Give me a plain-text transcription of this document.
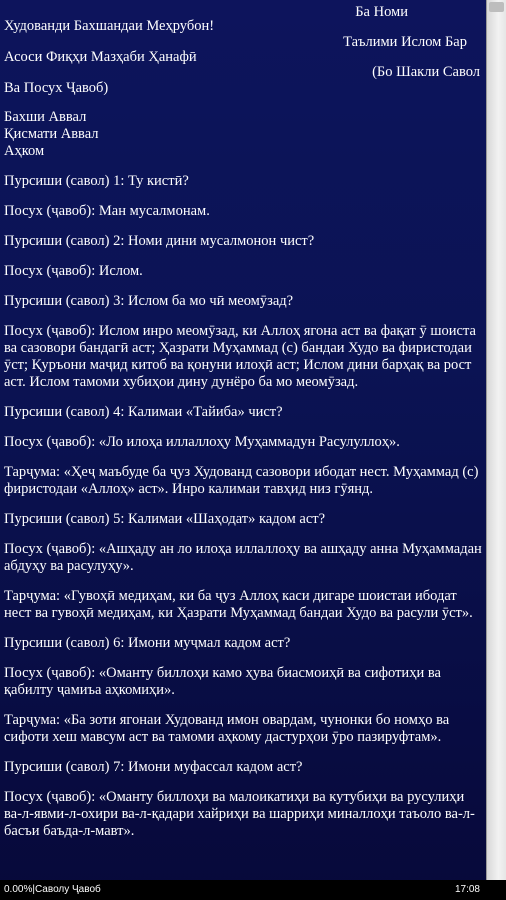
Худованди Бахшандаи Меҳрубон!
Асоси Фиқҳи Мазҳаби Ҳанафӣ
Ва Посух Ҷавоб)
Ба Номи
Таълими Ислом Бар
(Бо Шакли Савол
Бахши Аввал
Қисмати Аввал
Аҳком
Пурсиши (савол) 1: Ту кистӣ?
Посух (ҷавоб): Ман мусалмонам.
Пурсиши (савол) 2: Номи дини мусалмонон чист?
Посух (ҷавоб): Ислом.
Пурсиши (савол) 3: Ислом ба мо чӣ меомӯзад?
Посух (ҷавоб): Ислом инро меомӯзад, ки Аллоҳ ягона аст ва фақат ӯ шоиста ва сазовори бандагӣ аст; Ҳазрати Муҳаммад (с) бандаи Худо ва фиристодаи ӯст; Қуръони маҷид китоб ва қонуни илоҳӣ аст; Ислом дини барҳақ ва рост аст. Ислом тамоми хубиҳои дину дунёро ба мо меомӯзад.
Пурсиши (савол) 4: Калимаи «Тайиба» чист?
Посух (ҷавоб): «Ло илоҳа иллаллоҳу Муҳаммадун Расулуллоҳ».
Тарҷума: «Ҳеҷ маъбуде ба ҷуз Худованд сазовори ибодат нест. Муҳаммад (с) фиристодаи «Аллоҳ» аст». Инро калимаи тавҳид низ гӯянд.
Пурсиши (савол) 5: Калимаи «Шаҳодат» кадом аст?
Посух (ҷавоб): «Ашҳаду ан ло илоҳа иллаллоҳу ва ашҳаду анна Муҳаммадан абдуҳу ва расулуҳу».
Тарҷума: «Гувоҳӣ медиҳам, ки ба ҷуз Аллоҳ каси дигаре шоистаи ибодат нест ва гувоҳӣ медиҳам, ки Ҳазрати Муҳаммад бандаи Худо ва расули ӯст».
Пурсиши (савол) 6: Имони муҷмал кадом аст?
Посух (ҷавоб): «Оманту биллоҳи камо ҳува биасмоиҳӣ ва сифотиҳи ва қабилту ҷамиъа аҳкомиҳи».
Тарҷума: «Ба зоти ягонаи Худованд имон овардам, чунонки бо номҳо ва сифоти хеш мавсум аст ва тамоми аҳкому дастурҳои ӯро пазируфтам».
Пурсиши (савол) 7: Имони муфассал кадом аст?
Посух (ҷавоб): «Оманту биллоҳи ва малоикатиҳи ва кутубиҳи ва русулиҳи ва-л-явми-л-охири ва-л-қадари хайриҳи ва шарриҳи миналлоҳи таъоло ва-л-басъи баъда-л-мавт».
0.00%|Саволу Ҷавоб	17:08
